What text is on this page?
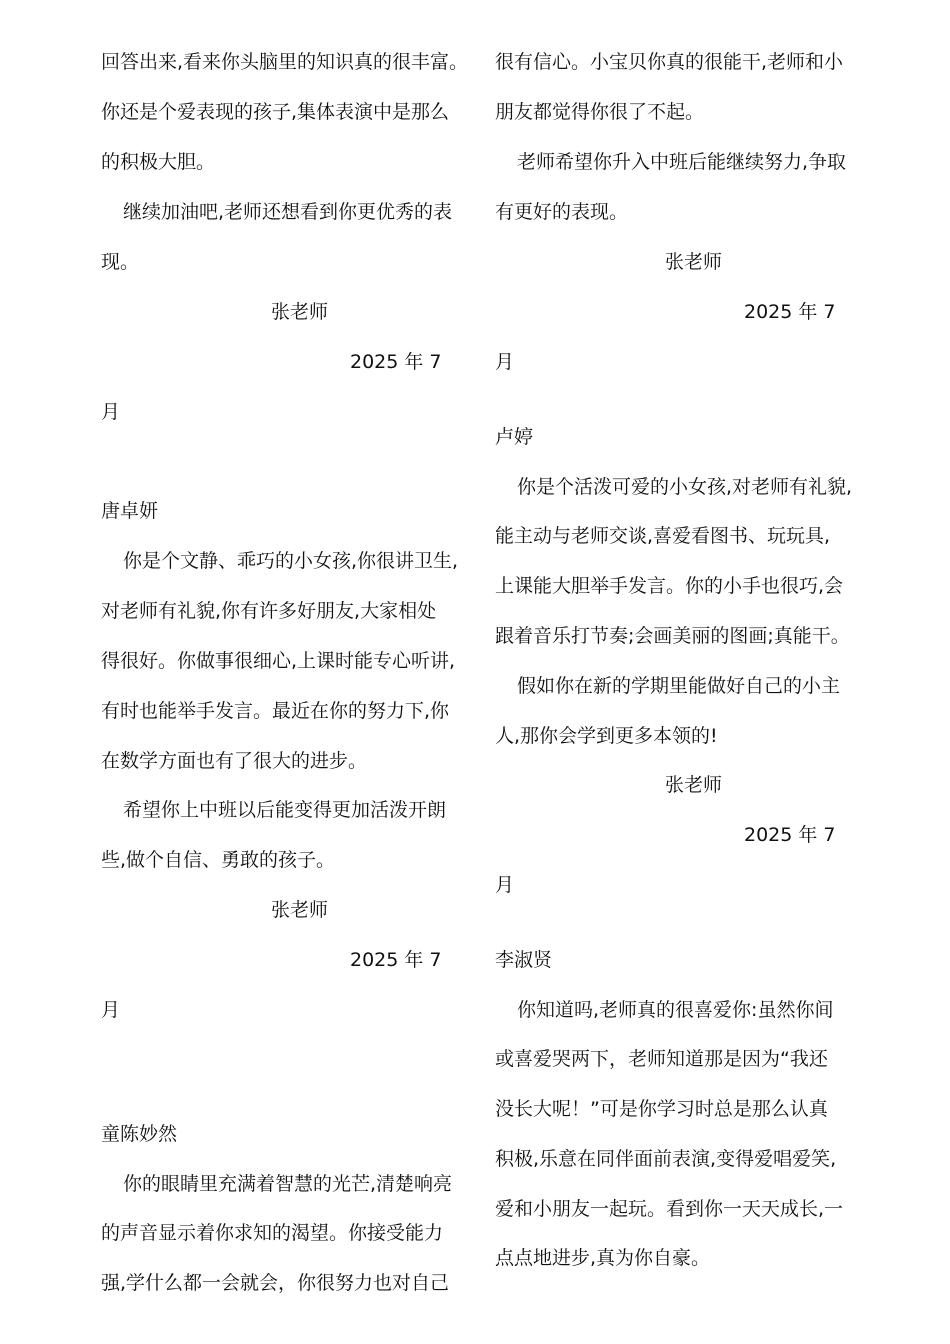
回答出来,看来你头脑里的知识真的很丰富。
你还是个爱表现的孩子,集体表演中是那么
的积极大胆。
继续加油吧,老师还想看到你更优秀的表
现。
张老师
2025 年 7
月
唐卓妍
你是个文静、乖巧的小女孩,你很讲卫生,
对老师有礼貌,你有许多好朋友,大家相处
得很好。你做事很细心,上课时能专心听讲,
有时也能举手发言。最近在你的努力下,你
在数学方面也有了很大的进步。
希望你上中班以后能变得更加活泼开朗
些,做个自信、勇敢的孩子。
张老师
2025 年 7
月
童陈妙然
你的眼睛里充满着智慧的光芒,清楚响亮
的声音显示着你求知的渴望。你接受能力
强,学什么都一会就会，你很努力也对自己
很有信心。小宝贝你真的很能干,老师和小
朋友都觉得你很了不起。
老师希望你升入中班后能继续努力,争取
有更好的表现。
张老师
2025 年 7
月
卢婷
你是个活泼可爱的小女孩,对老师有礼貌,
能主动与老师交谈,喜爱看图书、玩玩具,
上课能大胆举手发言。你的小手也很巧,会
跟着音乐打节奏;会画美丽的图画;真能干。
假如你在新的学期里能做好自己的小主
人,那你会学到更多本领的!
张老师
2025 年 7
月
李淑贤
你知道吗,老师真的很喜爱你:虽然你间
或喜爱哭两下，老师知道那是因为“我还
没长大呢！”可是你学习时总是那么认真
积极,乐意在同伴面前表演,变得爱唱爱笑,
爱和小朋友一起玩。看到你一天天成长,一
点点地进步,真为你自豪。
